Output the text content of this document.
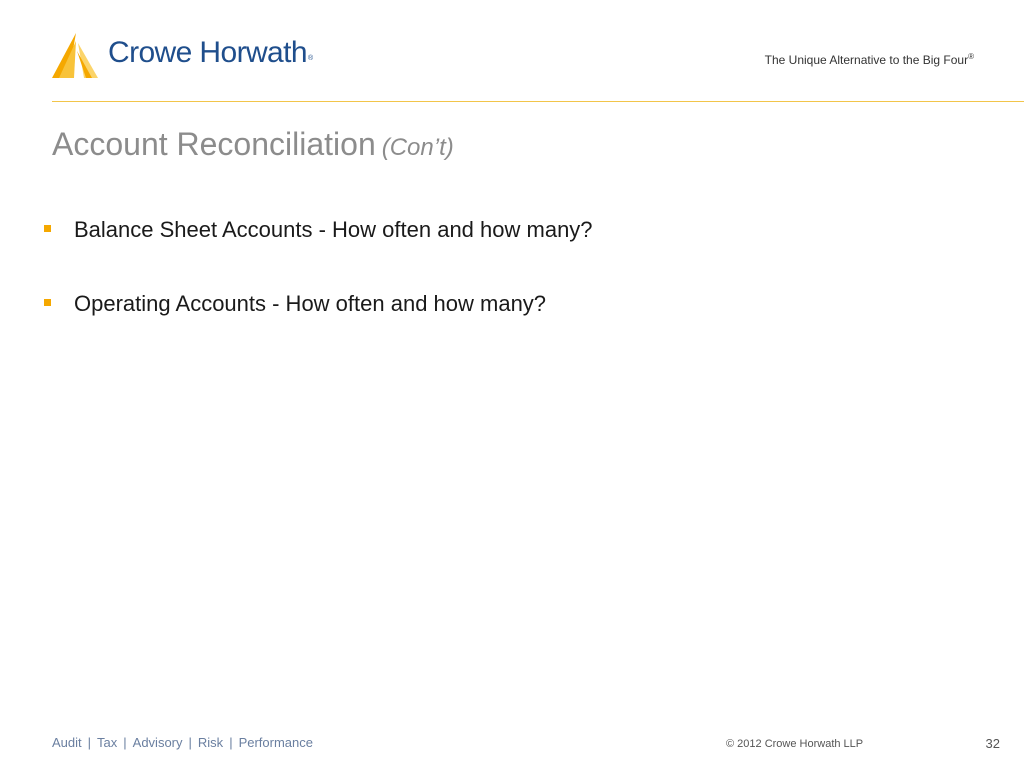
Crowe Horwath®	The Unique Alternative to the Big Four®
Account Reconciliation (Con’t)
Balance Sheet Accounts - How often and how many?
Operating Accounts - How often and how many?
Audit | Tax | Advisory | Risk | Performance	© 2012 Crowe Horwath LLP	32
